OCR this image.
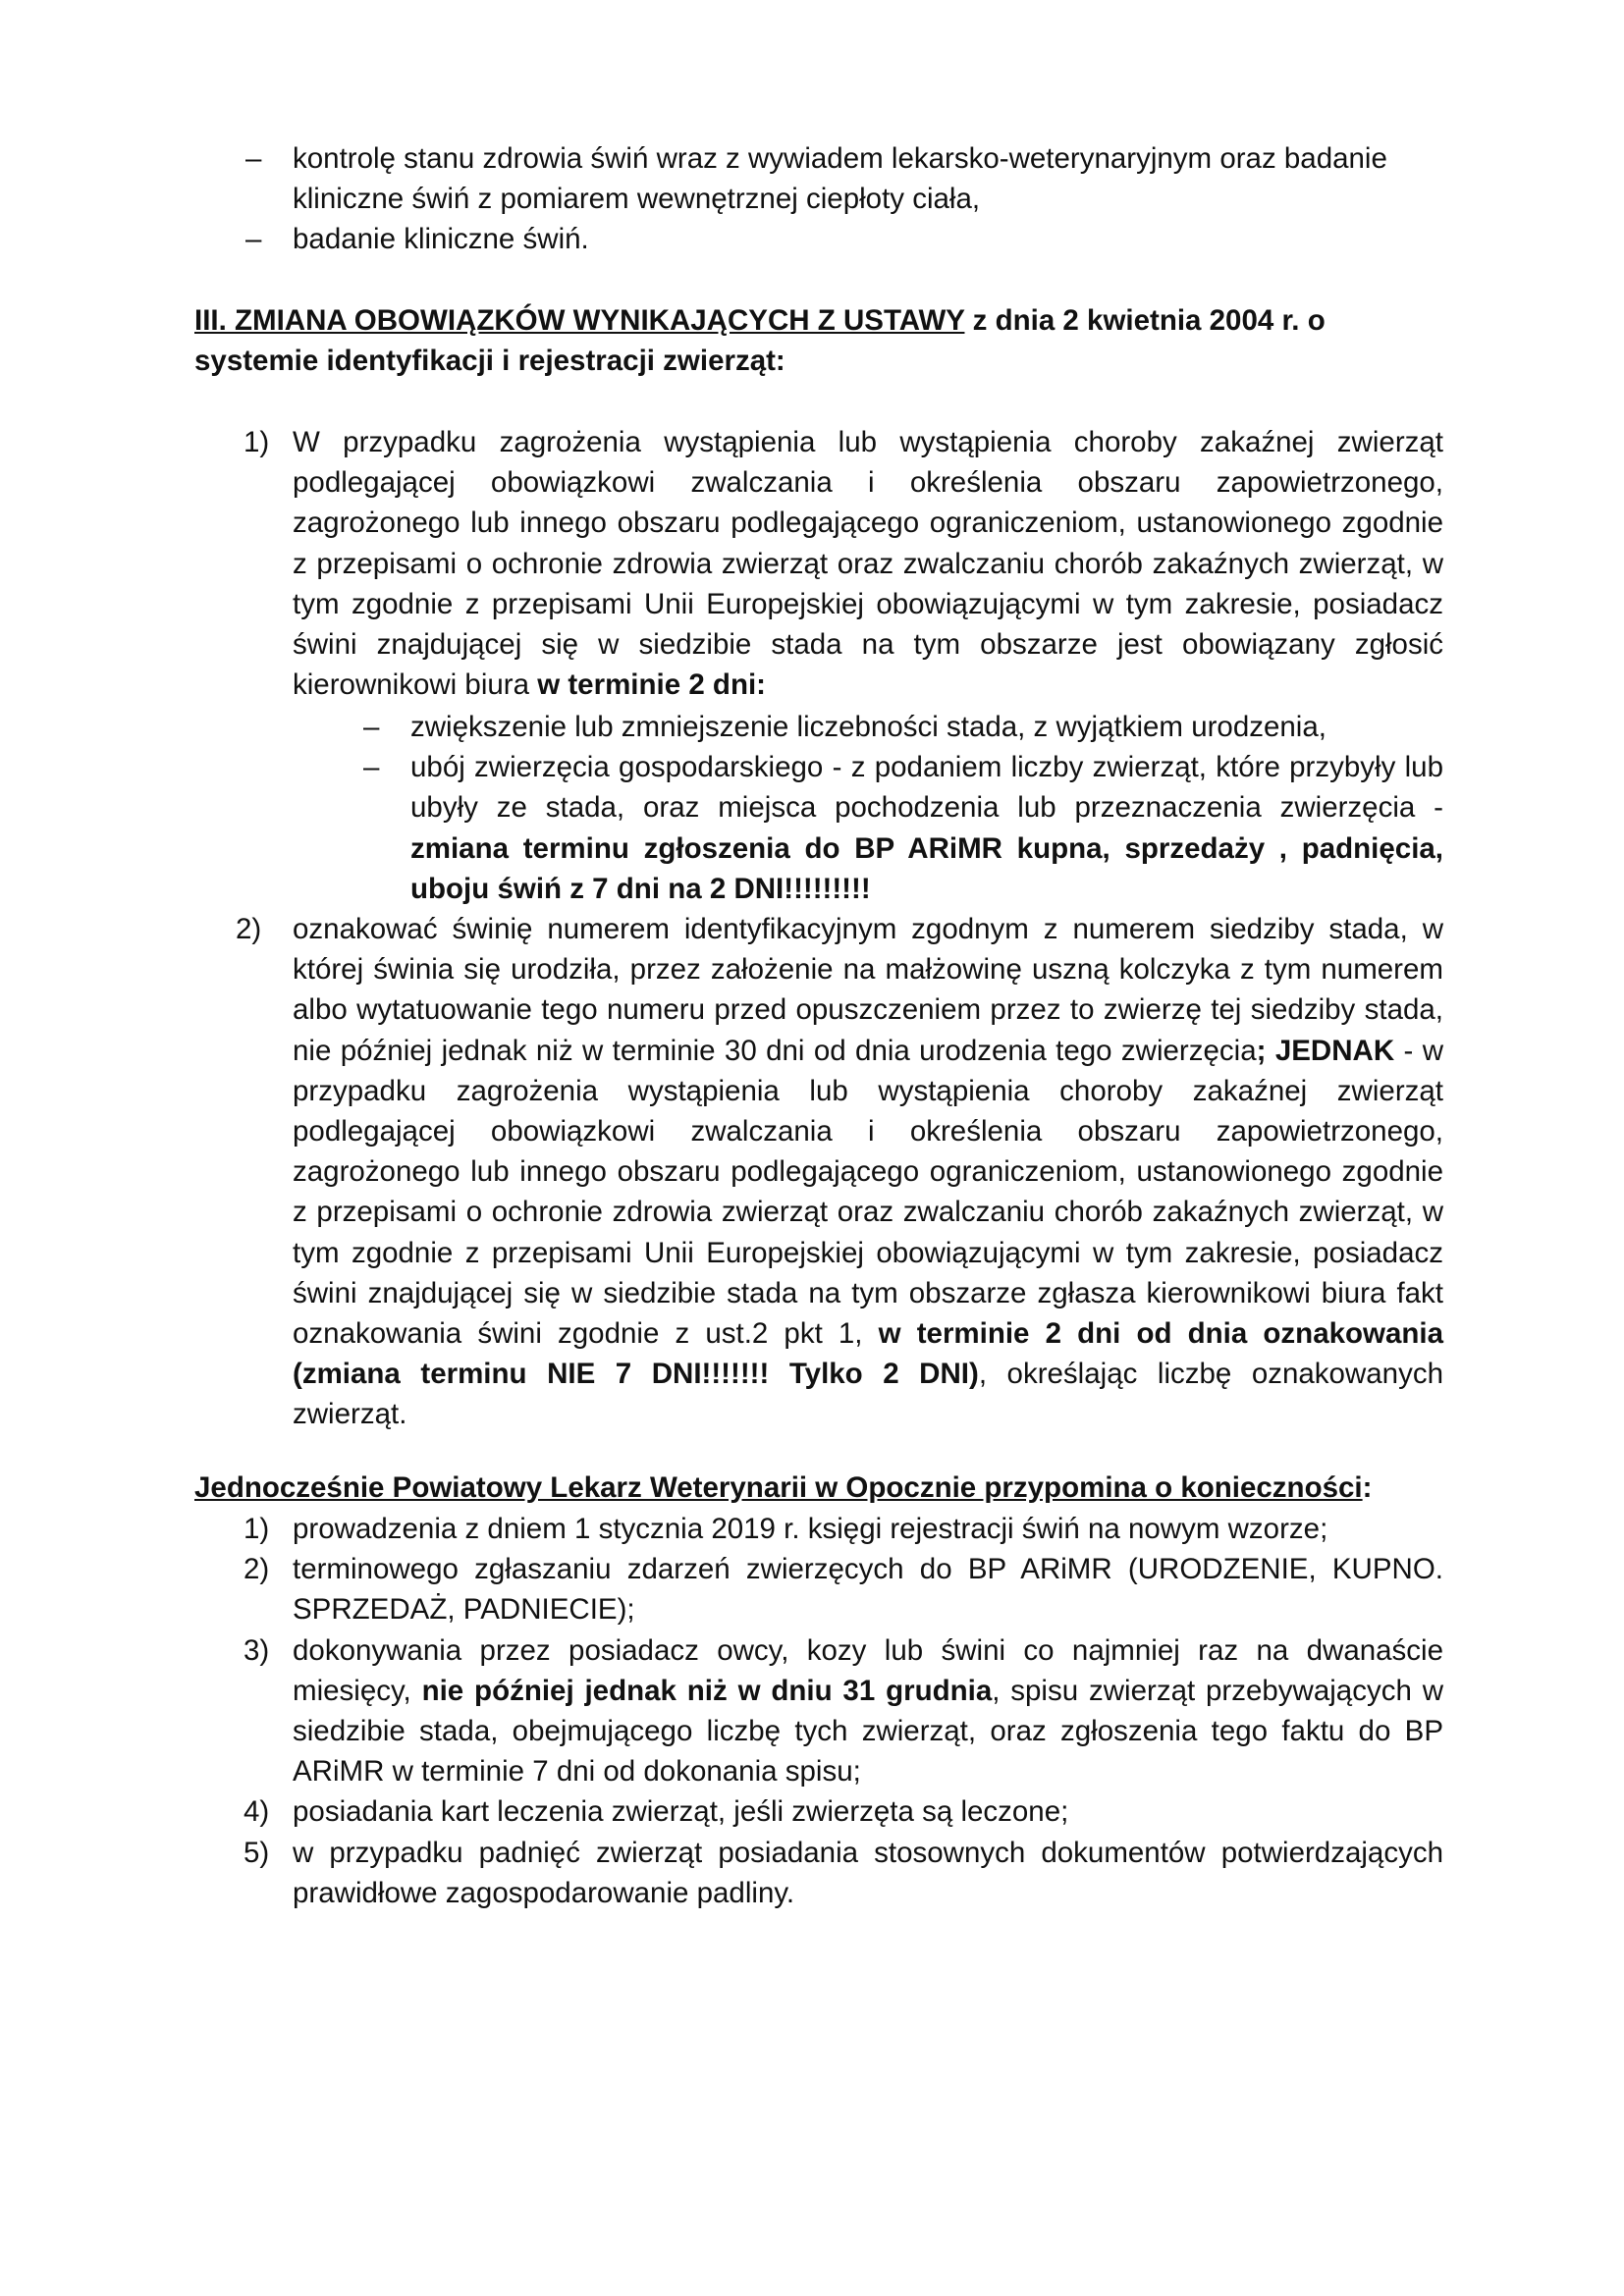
– kontrolę stanu zdrowia świń wraz z wywiadem lekarsko-weterynaryjnym oraz badanie kliniczne świń z pomiarem wewnętrznej ciepłoty ciała,
– badanie kliniczne świń.

III. ZMIANA OBOWIĄZKÓW WYNIKAJĄCYCH Z USTAWY z dnia 2 kwietnia 2004 r. o systemie identyfikacji i rejestracji zwierząt:

1) W przypadku zagrożenia wystąpienia lub wystąpienia choroby zakaźnej zwierząt podlegającej obowiązkowi zwalczania i określenia obszaru zapowietrzonego, zagrożonego lub innego obszaru podlegającego ograniczeniom, ustanowionego zgodnie z przepisami o ochronie zdrowia zwierząt oraz zwalczaniu chorób zakaźnych zwierząt, w tym zgodnie z przepisami Unii Europejskiej obowiązującymi w tym zakresie, posiadacz świni znajdującej się w siedzibie stada na tym obszarze jest obowiązany zgłosić kierownikowi biura w terminie 2 dni:
– zwiększenie lub zmniejszenie liczebności stada, z wyjątkiem urodzenia,
– ubój zwierzęcia gospodarskiego - z podaniem liczby zwierząt, które przybyły lub ubyły ze stada, oraz miejsca pochodzenia lub przeznaczenia zwierzęcia - zmiana terminu zgłoszenia do BP ARiMR kupna, sprzedaży , padnięcia, uboju świń z 7 dni na 2 DNI!!!!!!!!!
2) oznakować świnię numerem identyfikacyjnym zgodnym z numerem siedziby stada, w której świnia się urodziła, przez założenie na małżowinę uszną kolczyka z tym numerem albo wytatuowanie tego numeru przed opuszczeniem przez to zwierzę tej siedziby stada, nie później jednak niż w terminie 30 dni od dnia urodzenia tego zwierzęcia; JEDNAK - w przypadku zagrożenia wystąpienia lub wystąpienia choroby zakaźnej zwierząt podlegającej obowiązkowi zwalczania i określenia obszaru zapowietrzonego, zagrożonego lub innego obszaru podlegającego ograniczeniom, ustanowionego zgodnie z przepisami o ochronie zdrowia zwierząt oraz zwalczaniu chorób zakaźnych zwierząt, w tym zgodnie z przepisami Unii Europejskiej obowiązującymi w tym zakresie, posiadacz świni znajdującej się w siedzibie stada na tym obszarze zgłasza kierownikowi biura fakt oznakowania świni zgodnie z ust.2 pkt 1, w terminie 2 dni od dnia oznakowania (zmiana terminu NIE 7 DNI!!!!!!! Tylko 2 DNI), określając liczbę oznakowanych zwierząt.

Jednocześnie Powiatowy Lekarz Weterynarii w Opocznie przypomina o konieczności:

1) prowadzenia z dniem 1 stycznia 2019 r. księgi rejestracji świń na nowym wzorze;
2) terminowego zgłaszaniu zdarzeń zwierzęcych do BP ARiMR (URODZENIE, KUPNO. SPRZEDAŻ, PADNIECIE);
3) dokonywania przez posiadacz owcy, kozy lub świni co najmniej raz na dwanaście miesięcy, nie później jednak niż w dniu 31 grudnia, spisu zwierząt przebywających w siedzibie stada, obejmującego liczbę tych zwierząt, oraz zgłoszenia tego faktu do BP ARiMR w terminie 7 dni od dokonania spisu;
4) posiadania kart leczenia zwierząt, jeśli zwierzęta są leczone;
5) w przypadku padnięć zwierząt posiadania stosownych dokumentów potwierdzających prawidłowe zagospodarowanie padliny.
